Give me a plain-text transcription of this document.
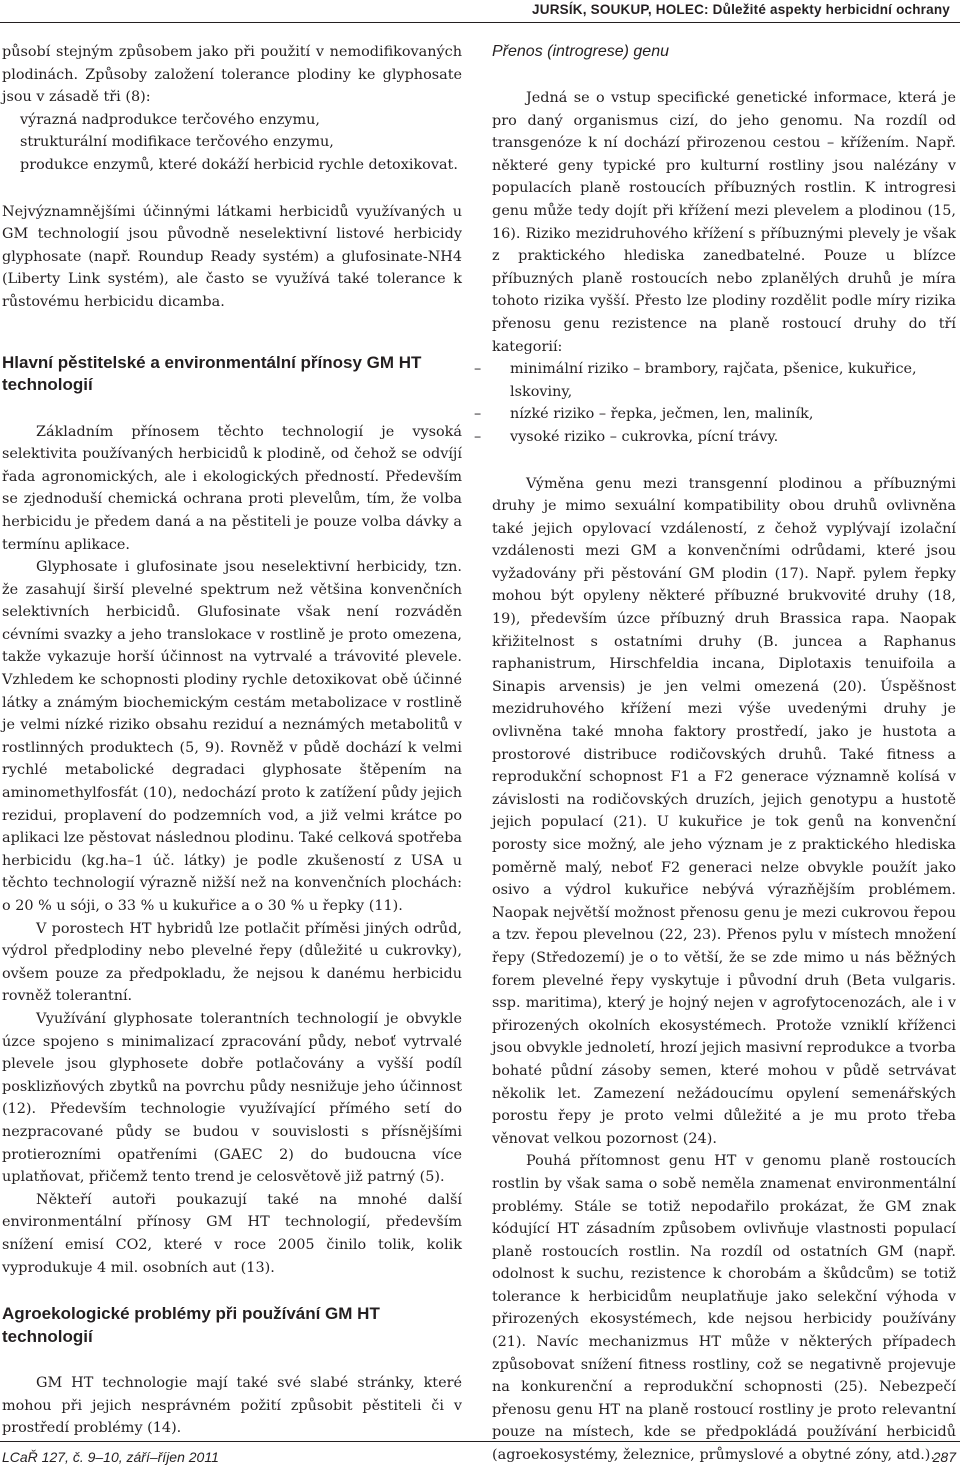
JURSÍK, SOUKUP, HOLEC: Důležité aspekty herbicidní ochrany

působí stejným způsobem jako při použití v nemodifikovaných plodinách. Způsoby založení tolerance plodiny ke glyphosate jsou v zásadě tři (8):

výrazná nadprodukce terčového enzymu,
strukturální modifikace terčového enzymu,
produkce enzymů, které dokáží herbicid rychle detoxikovat.

Nejvýznamnějšími účinnými látkami herbicidů využívaných u GM technologií jsou původně neselektivní listové herbicidy glyphosate (např. Roundup Ready systém) a glufosinate-NH4 (Liberty Link systém), ale často se využívá také tolerance k růstovému herbicidu dicamba.

Hlavní pěstitelské a environmentální přínosy GM HT technologií

Základním přínosem těchto technologií je vysoká selektivita používaných herbicidů k plodině, od čehož se odvíjí řada agronomických, ale i ekologických předností. Především se zjednoduší chemická ochrana proti plevelům, tím, že volba herbicidu je předem daná a na pěstiteli je pouze volba dávky a termínu aplikace.

Glyphosate i glufosinate jsou neselektivní herbicidy, tzn. že zasahují širší plevelné spektrum než většina konvenčních selektivních herbicidů. Glufosinate však není rozváděn cévními svazky a jeho translokace v rostlině je proto omezena, takže vykazuje horší účinnost na vytrvalé a trávovité plevele. Vzhledem ke schopnosti plodiny rychle detoxikovat obě účinné látky a známým biochemickým cestám metabolizace v rostlině je velmi nízké riziko obsahu reziduí a neznámých metabolitů v rostlinných produktech (5, 9). Rovněž v půdě dochází k velmi rychlé metabolické degradaci glyphosate štěpením na aminomethylfosfát (10), nedochází proto k zatížení půdy jejich rezidui, proplavení do podzemních vod, a již velmi krátce po aplikaci lze pěstovat následnou plodinu. Také celková spotřeba herbicidu (kg.ha–1 úč. látky) je podle zkušeností z USA u těchto technologií výrazně nižší než na konvenčních plochách: o 20 % u sóji, o 33 % u kukuřice a o 30 % u řepky (11).

V porostech HT hybridů lze potlačit příměsi jiných odrůd, výdrol předplodiny nebo plevelné řepy (důležité u cukrovky), ovšem pouze za předpokladu, že nejsou k danému herbicidu rovněž tolerantní.

Využívání glyphosate tolerantních technologií je obvykle úzce spojeno s minimalizací zpracování půdy, neboť vytrvalé plevele jsou glyphosete dobře potlačovány a vyšší podíl posklizňových zbytků na povrchu půdy nesnižuje jeho účinnost (12). Především technologie využívající přímého setí do nezpracované půdy se budou v souvislosti s přísnějšími protierozními opatřeními (GAEC 2) do budoucna více uplatňovat, přičemž tento trend je celosvětově již patrný (5).

Někteří autoři poukazují také na mnohé další environmentální přínosy GM HT technologií, především snížení emisí CO2, které v roce 2005 činilo tolik, kolik vyprodukuje 4 mil. osobních aut (13).

Agroekologické problémy při používání GM HT technologií

GM HT technologie mají také své slabé stránky, které mohou při jejich nesprávném požití způsobit pěstiteli či v prostředí problémy (14).

Přenos (introgrese) genu

Jedná se o vstup specifické genetické informace, která je pro daný organismus cizí, do jeho genomu. Na rozdíl od transgenóze k ní dochází přirozenou cestou – křížením. Např. některé geny typické pro kulturní rostliny jsou nalézány v populacích planě rostoucích příbuzných rostlin. K introgresi genu může tedy dojít při křížení mezi plevelem a plodinou (15, 16). Riziko mezidruhového křížení s příbuznými plevely je však z praktického hlediska zanedbatelné. Pouze u blízce příbuzných planě rostoucích nebo zplanělých druhů je míra tohoto rizika vyšší. Přesto lze plodiny rozdělit podle míry rizika přenosu genu rezistence na planě rostoucí druhy do tří kategorií:

– minimální riziko – brambory, rajčata, pšenice, kukuřice, lskoviny,
– nízké riziko – řepka, ječmen, len, maliník,
– vysoké riziko – cukrovka, pícní trávy.

Výměna genu mezi transgenní plodinou a příbuznými druhy je mimo sexuální kompatibility obou druhů ovlivněna také jejich opylovací vzdáleností, z čehož vyplývají izolační vzdálenosti mezi GM a konvenčními odrůdami, které jsou vyžadovány při pěstování GM plodin (17). Např. pylem řepky mohou být opyleny některé příbuzné brukvovité druhy (18, 19), především úzce příbuzný druh Brassica rapa. Naopak křižitelnost s ostatními druhy (B. juncea a Raphanus raphanistrum, Hirschfeldia incana, Diplotaxis tenuifoila a Sinapis arvensis) je jen velmi omezená (20). Úspěšnost mezidruhového křížení mezi výše uvedenými druhy je ovlivněna také mnoha faktory prostředí, jako je hustota a prostorové distribuce rodičovských druhů. Také fitness a reprodukční schopnost F1 a F2 generace významně kolísá v závislosti na rodičovských druzích, jejich genotypu a hustotě jejich populací (21). U kukuřice je tok genů na konvenční porosty sice možný, ale jeho význam je z praktického hlediska poměrně malý, neboť F2 generaci nelze obvykle použít jako osivo a výdrol kukuřice nebývá výrazňějším problémem. Naopak největší možnost přenosu genu je mezi cukrovou řepou a tzv. řepou plevelnou (22, 23). Přenos pylu v místech množení řepy (Středozemí) je o to větší, že se zde mimo u nás běžných forem plevelné řepy vyskytuje i původní druh (Beta vulgaris. ssp. maritima), který je hojný nejen v agrofytocenozách, ale i v přirozených okolních ekosystémech. Protože vzniklí kříženci jsou obvykle jednoletí, hrozí jejich masivní reprodukce a tvorba bohaté půdní zásoby semen, které mohou v půdě setrvávat několik let. Zamezení nežádoucímu opylení semenářských porostu řepy je proto velmi důležité a je mu proto třeba věnovat velkou pozornost (24).

Pouhá přítomnost genu HT v genomu planě rostoucích rostlin by však sama o sobě neměla znamenat environmentální problémy. Stále se totiž nepodařilo prokázat, že GM znak kódující HT zásadním způsobem ovlivňuje vlastnosti populací planě rostoucích rostlin. Na rozdíl od ostatních GM (např. odolnost k suchu, rezistence k chorobám a škůdcům) se totiž tolerance k herbicidům neuplatňuje jako selekční výhoda v přirozených ekosystémech, kde nejsou herbicidy používány (21). Navíc mechanizmus HT může v některých případech způsobovat snížení fitness rostliny, což se negativně projevuje na konkurenční a reprodukční schopnosti (25). Nebezpečí přenosu genu HT na planě rostoucí rostliny je proto relevantní pouze na místech, kde se předpokládá používání herbicidů (agroekosystémy, železnice, průmyslové a obytné zóny, atd.).

LCaŘ 127, č. 9–10, září–říjen 2011	287
